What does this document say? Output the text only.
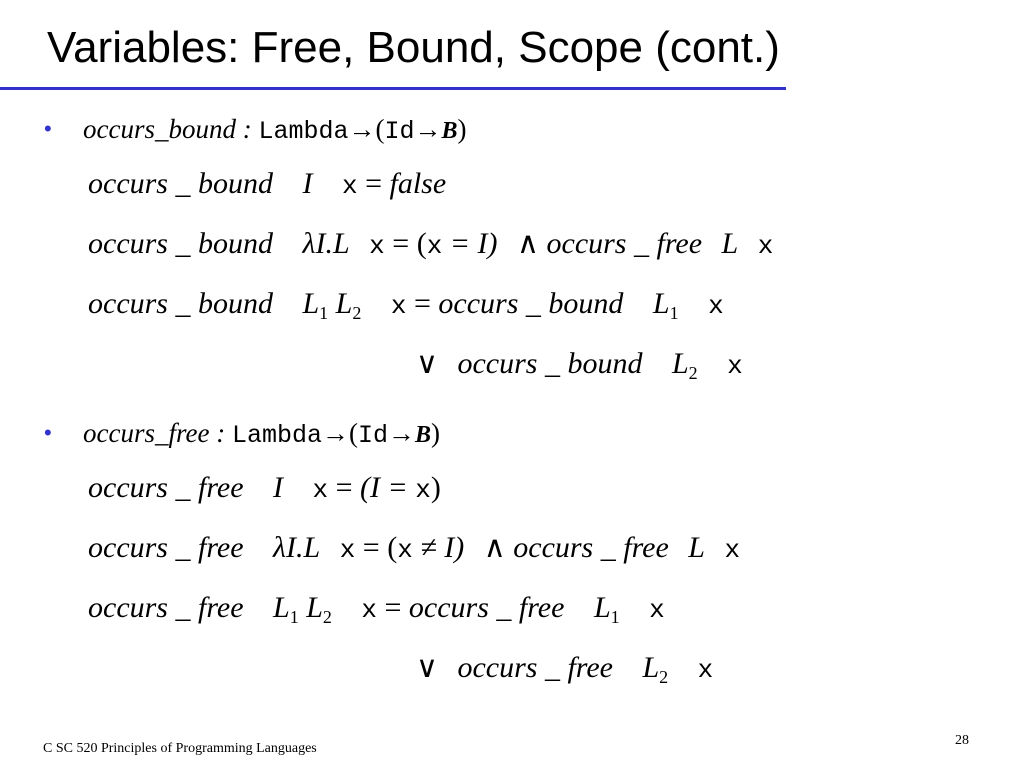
Variables: Free, Bound, Scope (cont.)
• occurs_bound : Lambda→(Id→B)
occurs _ bound I x = false
occurs _ bound λI.L x = (x = I) ∧ occurs _ free L x
occurs _ bound $L_1$ $L_2$ x = occurs _ bound $L_1$ x
∨ occurs _ bound $L_2$ x
• occurs_free : Lambda→(Id→B)
occurs _ free I x = (I = x)
occurs _ free λI.L x = (x ≠ I) ∧ occurs _ free L x
occurs _ free $L_1$ $L_2$ x = occurs _ free $L_1$ x
∨ occurs _ free $L_2$ x
C SC 520 Principles of Programming Languages
28
